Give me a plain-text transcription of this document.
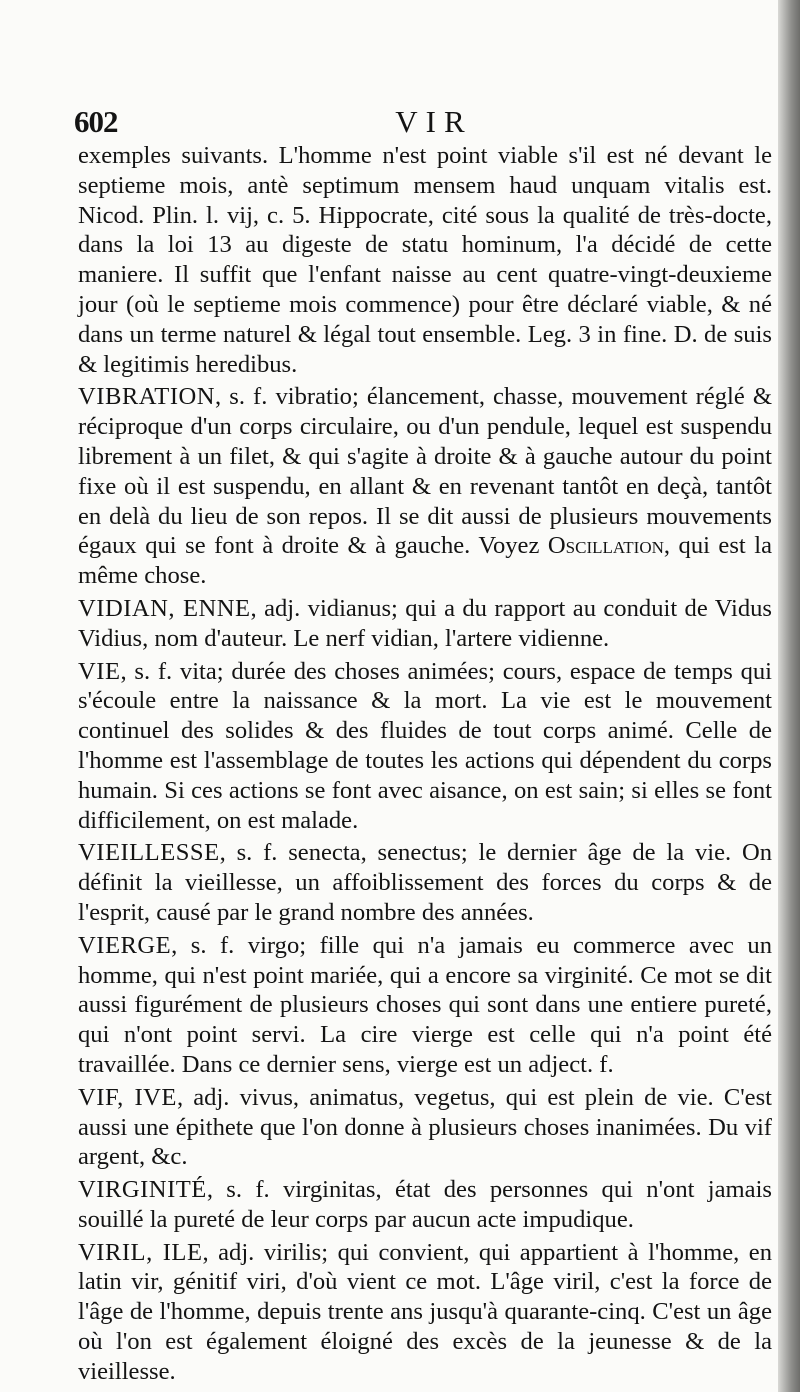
602	VIR

exemples suivants. L'homme n'est point viable s'il est né devant le septieme mois, antè septimum mensem haud unquam vitalis est. Nicod. Plin. l. vij, c. 5. Hippocrate, cité sous la qualité de très-docte, dans la loi 13 au digeste de statu hominum, l'a décidé de cette maniere. Il suffit que l'enfant naisse au cent quatre-vingt-deuxieme jour (où le septieme mois commence) pour être déclaré viable, & né dans un terme naturel & légal tout ensemble. Leg. 3 in fine. D. de suis & legitimis heredibus.

VIBRATION, s. f. vibratio; élancement, chasse, mouvement réglé & réciproque d'un corps circulaire, ou d'un pendule, lequel est suspendu librement à un filet, & qui s'agite à droite & à gauche autour du point fixe où il est suspendu, en allant & en revenant tantôt en deçà, tantôt en delà du lieu de son repos. Il se dit aussi de plusieurs mouvements égaux qui se font à droite & à gauche. Voyez Oscillation, qui est la même chose.

VIDIAN, ENNE, adj. vidianus; qui a du rapport au conduit de Vidus Vidius, nom d'auteur. Le nerf vidian, l'artere vidienne.

VIE, s. f. vita; durée des choses animées; cours, espace de temps qui s'écoule entre la naissance & la mort. La vie est le mouvement continuel des solides & des fluides de tout corps animé. Celle de l'homme est l'assemblage de toutes les actions qui dépendent du corps humain. Si ces actions se font avec aisance, on est sain; si elles se font difficilement, on est malade.

VIEILLESSE, s. f. senecta, senectus; le dernier âge de la vie. On définit la vieillesse, un affoiblissement des forces du corps & de l'esprit, causé par le grand nombre des années.

VIERGE, s. f. virgo; fille qui n'a jamais eu commerce avec un homme, qui n'est point mariée, qui a encore sa virginité. Ce mot se dit aussi figurément de plusieurs choses qui sont dans une entiere pureté, qui n'ont point servi. La cire vierge est celle qui n'a point été travaillée. Dans ce dernier sens, vierge est un adject. f.

VIF, IVE, adj. vivus, animatus, vegetus, qui est plein de vie. C'est aussi une épithete que l'on donne à plusieurs choses inanimées. Du vif argent, &c.

VIRGINITÉ, s. f. virginitas, état des personnes qui n'ont jamais souillé la pureté de leur corps par aucun acte impudique.

VIRIL, ILE, adj. virilis; qui convient, qui appartient à l'homme, en latin vir, génitif viri, d'où vient ce mot. L'âge viril, c'est la force de l'âge de l'homme, depuis trente ans jusqu'à quarante-cinq. C'est un âge où l'on est également éloigné des excès de la jeunesse & de la vieillesse.
